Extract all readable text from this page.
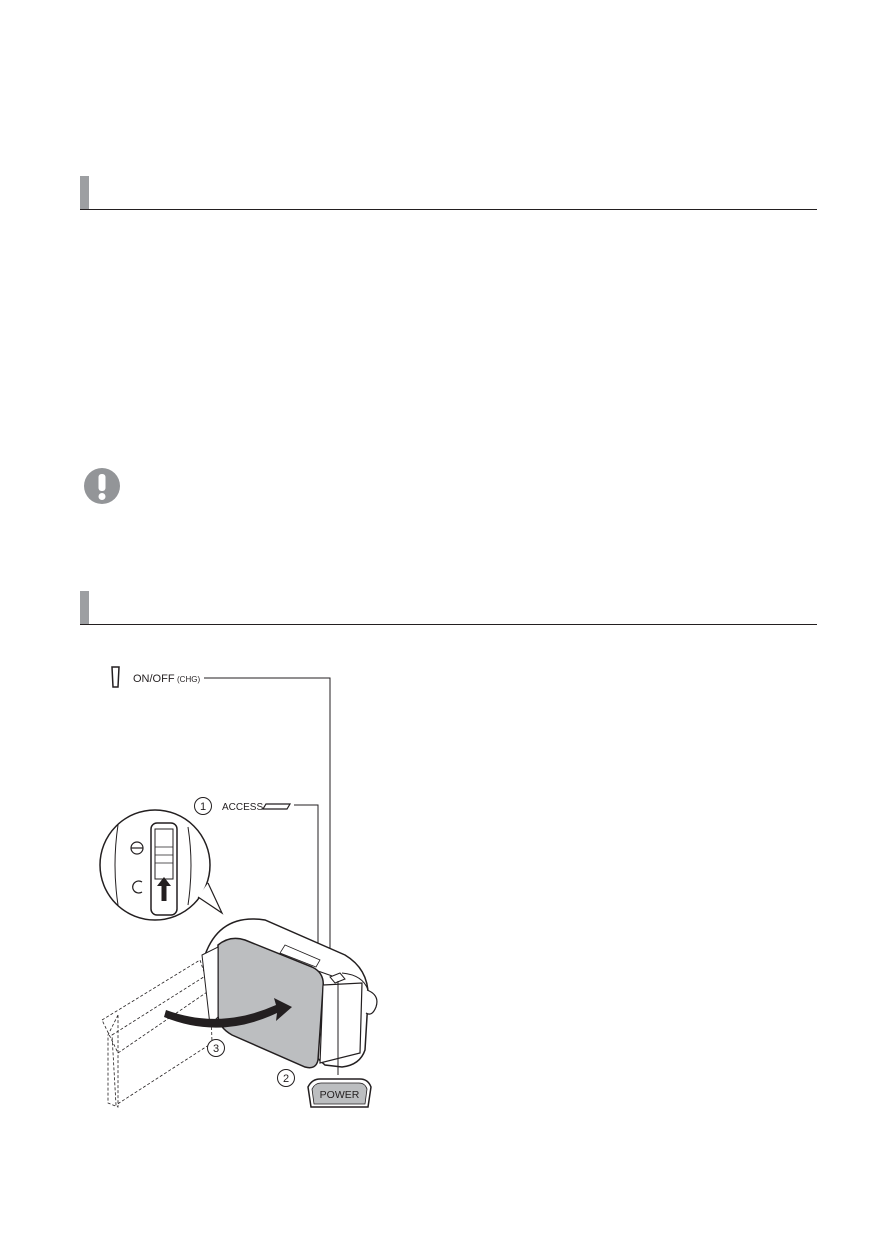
ON/OFF (CHG)
1 ACCESS
3
2
POWER
